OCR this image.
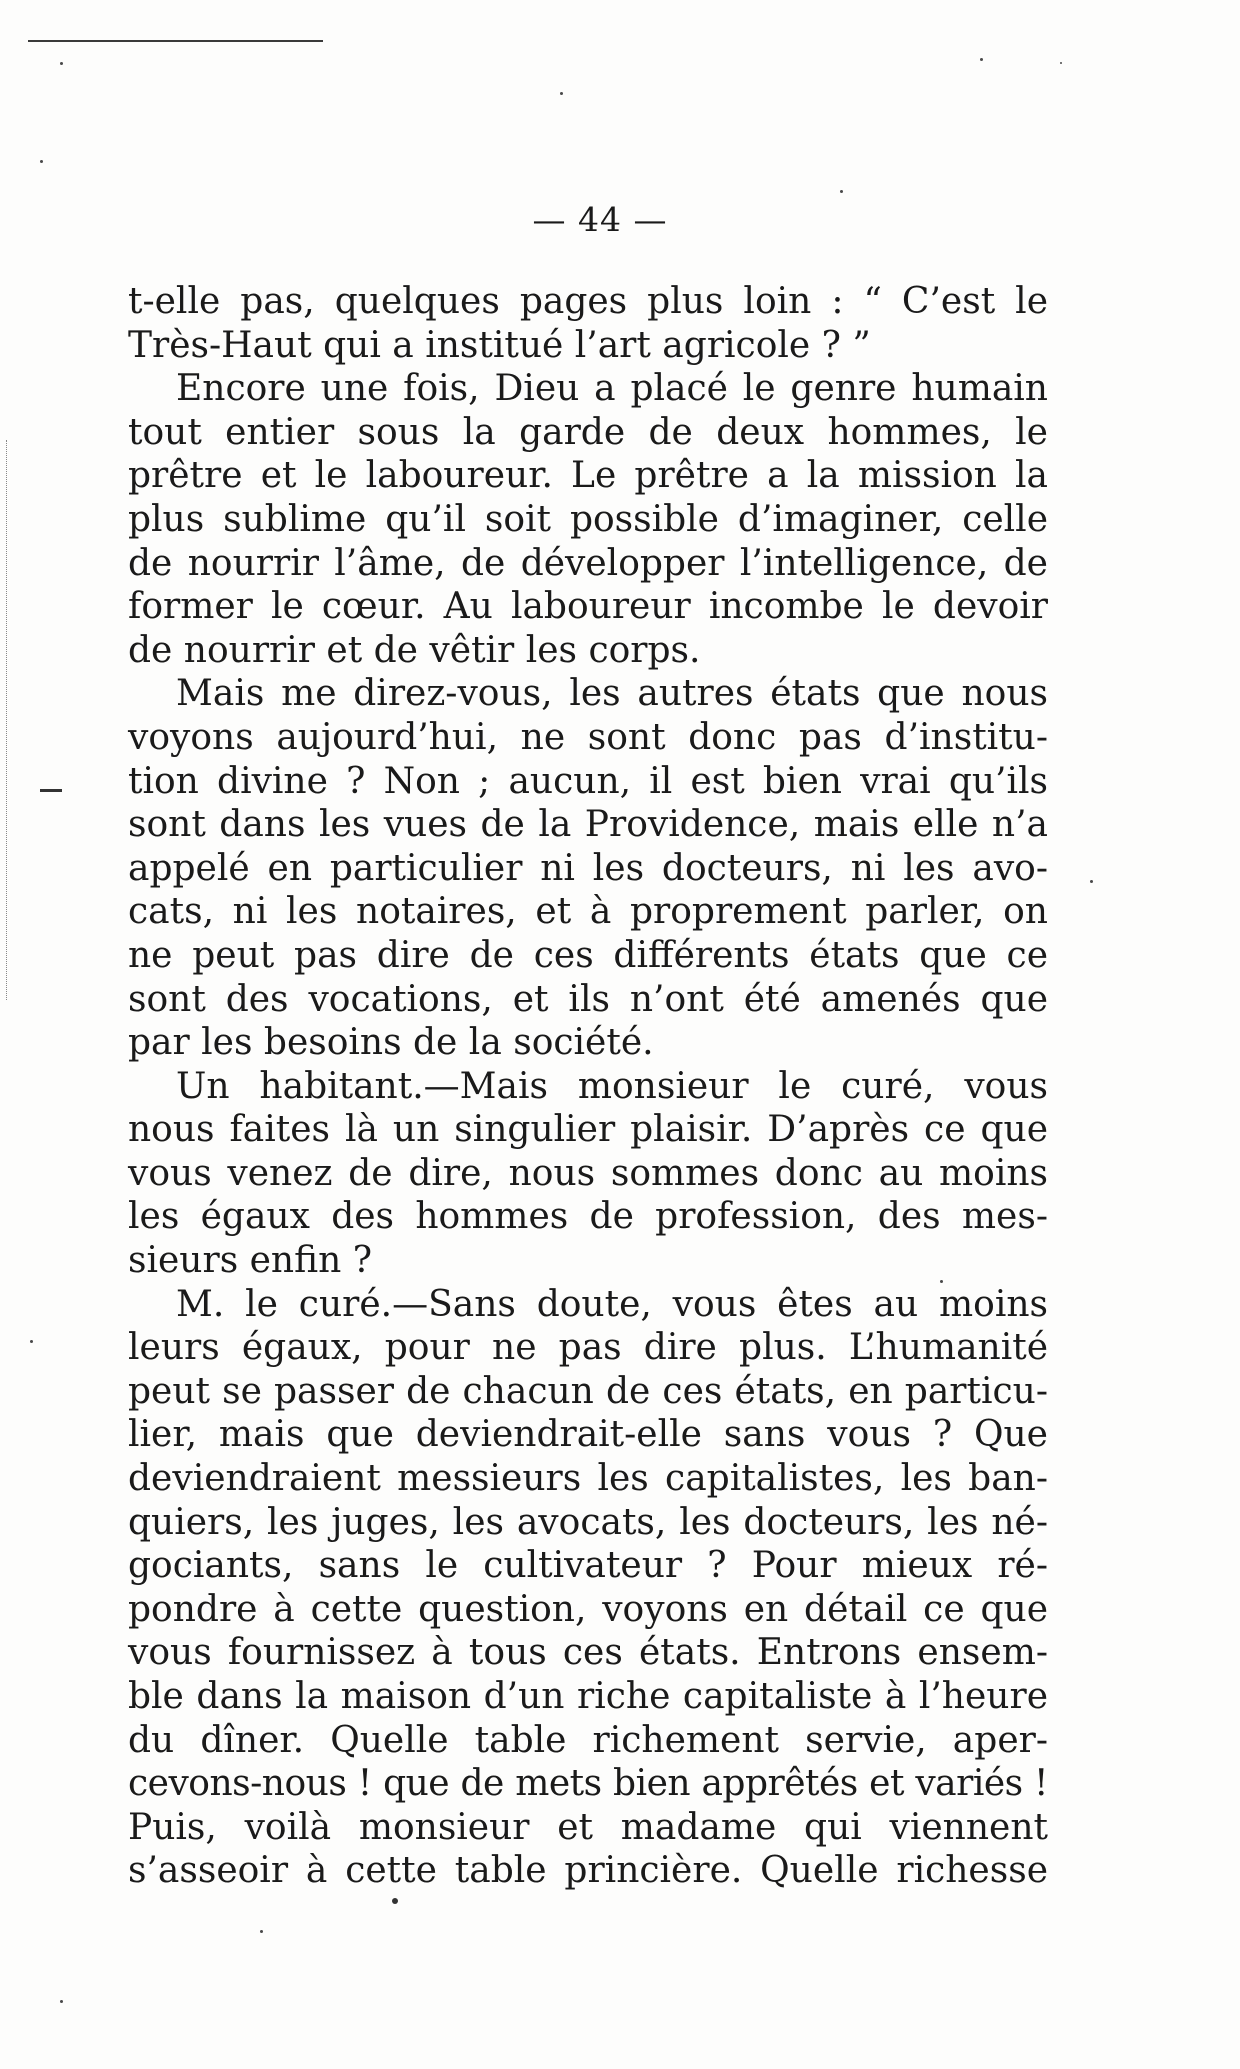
— 44 —
t-elle pas, quelques pages plus loin : “ C’est le
Très-Haut qui a institué l’art agricole ? ”
Encore une fois, Dieu a placé le genre humain
tout entier sous la garde de deux hommes, le
prêtre et le laboureur. Le prêtre a la mission la
plus sublime qu’il soit possible d’imaginer, celle
de nourrir l’âme, de développer l’intelligence, de
former le cœur. Au laboureur incombe le devoir
de nourrir et de vêtir les corps.
Mais me direz-vous, les autres états que nous
voyons aujourd’hui, ne sont donc pas d’institu-
tion divine ? Non ; aucun, il est bien vrai qu’ils
sont dans les vues de la Providence, mais elle n’a
appelé en particulier ni les docteurs, ni les avo-
cats, ni les notaires, et à proprement parler, on
ne peut pas dire de ces différents états que ce
sont des vocations, et ils n’ont été amenés que
par les besoins de la société.
Un habitant.—Mais monsieur le curé, vous
nous faites là un singulier plaisir. D’après ce que
vous venez de dire, nous sommes donc au moins
les égaux des hommes de profession, des mes-
sieurs enfin ?
M. le curé.—Sans doute, vous êtes au moins
leurs égaux, pour ne pas dire plus. L’humanité
peut se passer de chacun de ces états, en particu-
lier, mais que deviendrait-elle sans vous ? Que
deviendraient messieurs les capitalistes, les ban-
quiers, les juges, les avocats, les docteurs, les né-
gociants, sans le cultivateur ? Pour mieux ré-
pondre à cette question, voyons en détail ce que
vous fournissez à tous ces états. Entrons ensem-
ble dans la maison d’un riche capitaliste à l’heure
du dîner. Quelle table richement servie, aper-
cevons-nous ! que de mets bien apprêtés et variés !
Puis, voilà monsieur et madame qui viennent
s’asseoir à cette table princière. Quelle richesse
